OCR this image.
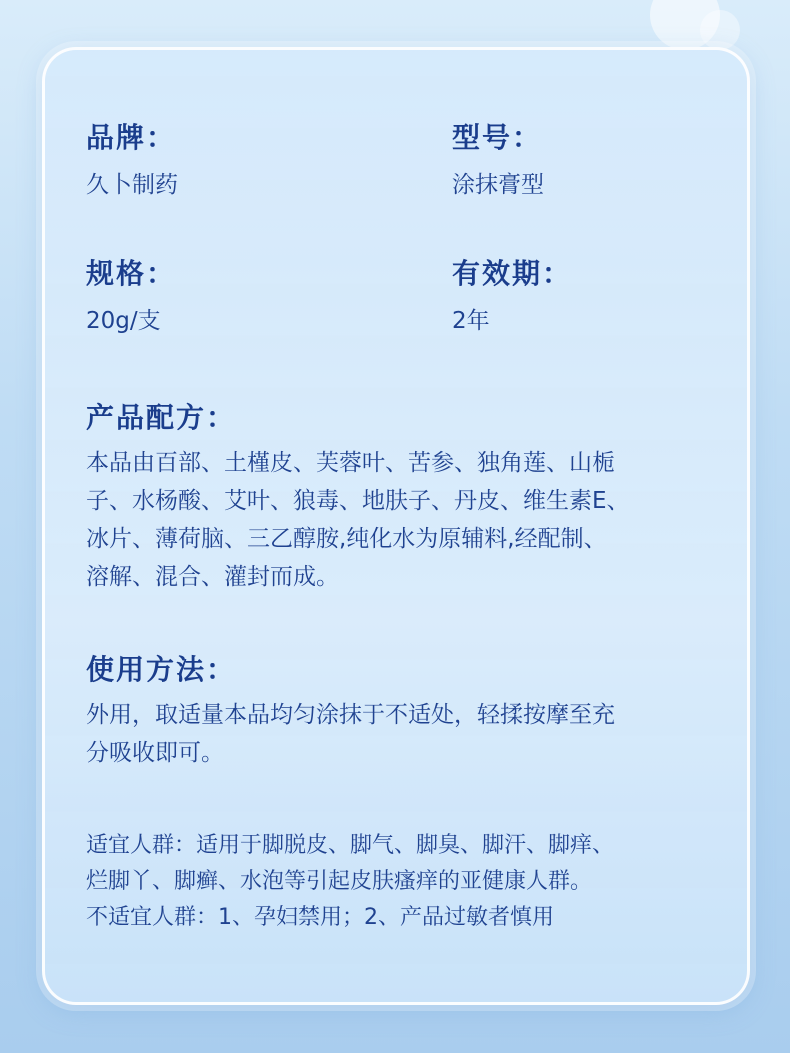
品牌：
久卜制药
型号：
涂抹膏型
规格：
20g/支
有效期：
2年
产品配方：
本品由百部、土槿皮、芙蓉叶、苦参、独角莲、山栀
子、水杨酸、艾叶、狼毒、地肤子、丹皮、维生素E、
冰片、薄荷脑、三乙醇胺,纯化水为原辅料,经配制、
溶解、混合、灌封而成。
使用方法：
外用，取适量本品均匀涂抹于不适处，轻揉按摩至充
分吸收即可。
适宜人群：适用于脚脱皮、脚气、脚臭、脚汗、脚痒、
烂脚丫、脚癣、水泡等引起皮肤瘙痒的亚健康人群。
不适宜人群：1、孕妇禁用；2、产品过敏者慎用
